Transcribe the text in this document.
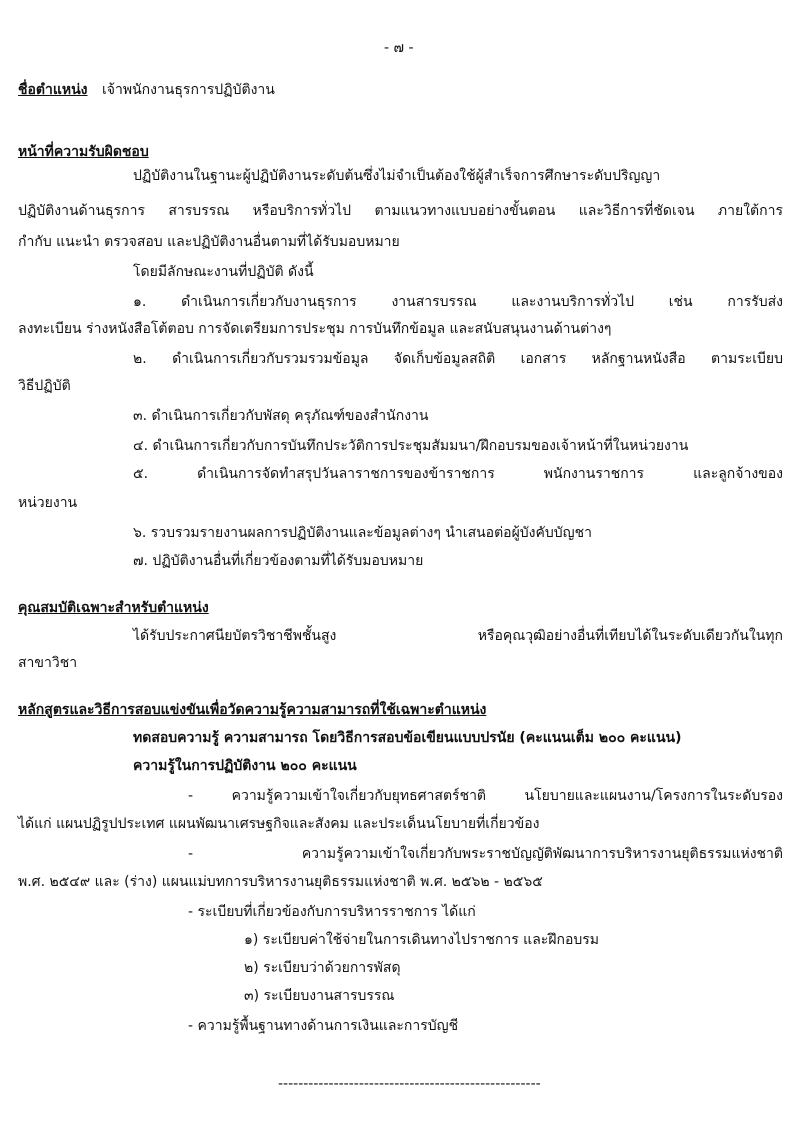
- ๗ -
ชื่อตำแหน่ง เจ้าพนักงานธุรการปฏิบัติงาน
หน้าที่ความรับผิดชอบ
ปฏิบัติงานในฐานะผู้ปฏิบัติงานระดับต้นซึ่งไม่จำเป็นต้องใช้ผู้สำเร็จการศึกษาระดับปริญญา
ปฏิบัติงานด้านธุรการ สารบรรณ หรือบริการทั่วไป ตามแนวทางแบบอย่างขั้นตอน และวิธีการที่ชัดเจน ภายใต้การ
กำกับ แนะนำ ตรวจสอบ และปฏิบัติงานอื่นตามที่ได้รับมอบหมาย
โดยมีลักษณะงานที่ปฏิบัติ ดังนี้
๑. ดำเนินการเกี่ยวกับงานธุรการ งานสารบรรณ และงานบริการทั่วไป เช่น การรับส่ง
ลงทะเบียน ร่างหนังสือโต้ตอบ การจัดเตรียมการประชุม การบันทึกข้อมูล และสนับสนุนงานด้านต่างๆ
๒. ดำเนินการเกี่ยวกับรวมรวมข้อมูล จัดเก็บข้อมูลสถิติ เอกสาร หลักฐานหนังสือ ตามระเบียบ
วิธีปฏิบัติ
๓. ดำเนินการเกี่ยวกับพัสดุ ครุภัณฑ์ของสำนักงาน
๔. ดำเนินการเกี่ยวกับการบันทึกประวัติการประชุมสัมมนา/ฝึกอบรมของเจ้าหน้าที่ในหน่วยงาน
๕. ดำเนินการจัดทำสรุปวันลาราชการของข้าราชการ พนักงานราชการ และลูกจ้างของ
หน่วยงาน
๖. รวบรวมรายงานผลการปฏิบัติงานและข้อมูลต่างๆ นำเสนอต่อผู้บังคับบัญชา
๗. ปฏิบัติงานอื่นที่เกี่ยวข้องตามที่ได้รับมอบหมาย
คุณสมบัติเฉพาะสำหรับตำแหน่ง
ได้รับประกาศนียบัตรวิชาชีพชั้นสูง หรือคุณวุฒิอย่างอื่นที่เทียบได้ในระดับเดียวกันในทุก
สาขาวิชา
หลักสูตรและวิธีการสอบแข่งขันเพื่อวัดความรู้ความสามารถที่ใช้เฉพาะตำแหน่ง
ทดสอบความรู้ ความสามารถ โดยวิธีการสอบข้อเขียนแบบปรนัย (คะแนนเต็ม ๒๐๐ คะแนน)
ความรู้ในการปฏิบัติงาน ๒๐๐ คะแนน
- ความรู้ความเข้าใจเกี่ยวกับยุทธศาสตร์ชาติ นโยบายและแผนงาน/โครงการในระดับรอง
ได้แก่ แผนปฏิรูปประเทศ แผนพัฒนาเศรษฐกิจและสังคม และประเด็นนโยบายที่เกี่ยวข้อง
- ความรู้ความเข้าใจเกี่ยวกับพระราชบัญญัติพัฒนาการบริหารงานยุติธรรมแห่งชาติ
พ.ศ. ๒๕๔๙ และ (ร่าง) แผนแม่บทการบริหารงานยุติธรรมแห่งชาติ พ.ศ. ๒๕๖๒ - ๒๕๖๕
- ระเบียบที่เกี่ยวข้องกับการบริหารราชการ ได้แก่
๑) ระเบียบค่าใช้จ่ายในการเดินทางไปราชการ และฝึกอบรม
๒) ระเบียบว่าด้วยการพัสดุ
๓) ระเบียบงานสารบรรณ
- ความรู้พื้นฐานทางด้านการเงินและการบัญชี
----------------------------------------------------
